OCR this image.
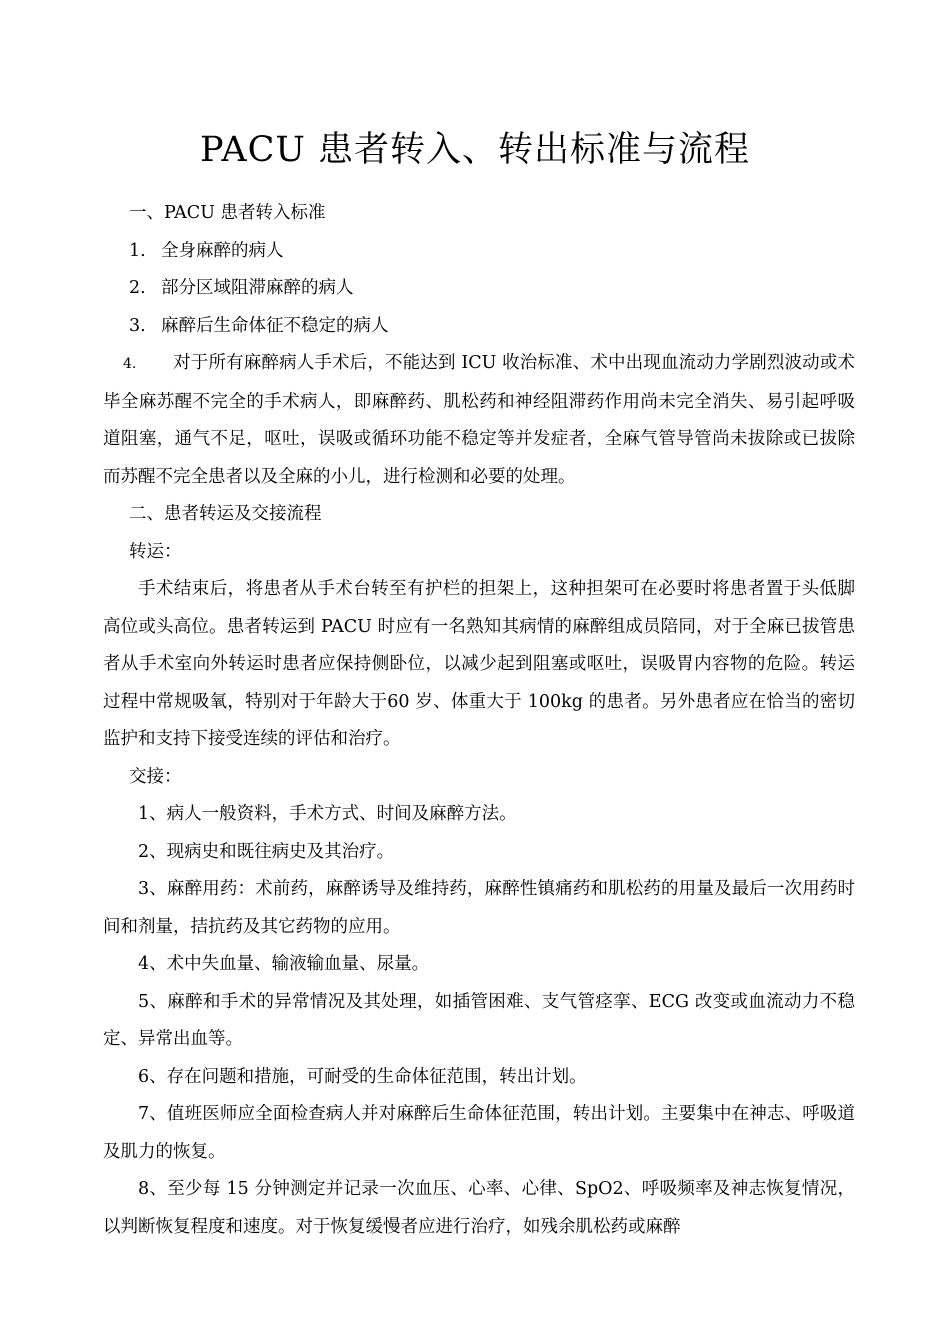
PACU 患者转入、转出标准与流程
一、PACU 患者转入标准
1. 全身麻醉的病人
2. 部分区域阻滞麻醉的病人
3. 麻醉后生命体征不稳定的病人
4. 对于所有麻醉病人手术后，不能达到 ICU 收治标准、术中出现血流动力学剧烈波动或术毕全麻苏醒不完全的手术病人，即麻醉药、肌松药和神经阻滞药作用尚未完全消失、易引起呼吸道阻塞，通气不足，呕吐，误吸或循环功能不稳定等并发症者，全麻气管导管尚未拔除或已拔除而苏醒不完全患者以及全麻的小儿，进行检测和必要的处理。
二、患者转运及交接流程
转运：
手术结束后，将患者从手术台转至有护栏的担架上，这种担架可在必要时将患者置于头低脚高位或头高位。患者转运到 PACU 时应有一名熟知其病情的麻醉组成员陪同，对于全麻已拔管患者从手术室向外转运时患者应保持侧卧位，以减少起到阻塞或呕吐，误吸胃内容物的危险。转运过程中常规吸氧，特别对于年龄大于60 岁、体重大于 100kg 的患者。另外患者应在恰当的密切监护和支持下接受连续的评估和治疗。
交接：
1、病人一般资料，手术方式、时间及麻醉方法。
2、现病史和既往病史及其治疗。
3、麻醉用药：术前药，麻醉诱导及维持药，麻醉性镇痛药和肌松药的用量及最后一次用药时间和剂量，拮抗药及其它药物的应用。
4、术中失血量、输液输血量、尿量。
5、麻醉和手术的异常情况及其处理，如插管困难、支气管痉挛、ECG 改变或血流动力不稳定、异常出血等。
6、存在问题和措施，可耐受的生命体征范围，转出计划。
7、值班医师应全面检查病人并对麻醉后生命体征范围，转出计划。主要集中在神志、呼吸道及肌力的恢复。
8、至少每 15 分钟测定并记录一次血压、心率、心律、SpO2、呼吸频率及神志恢复情况，以判断恢复程度和速度。对于恢复缓慢者应进行治疗，如残余肌松药或麻醉
